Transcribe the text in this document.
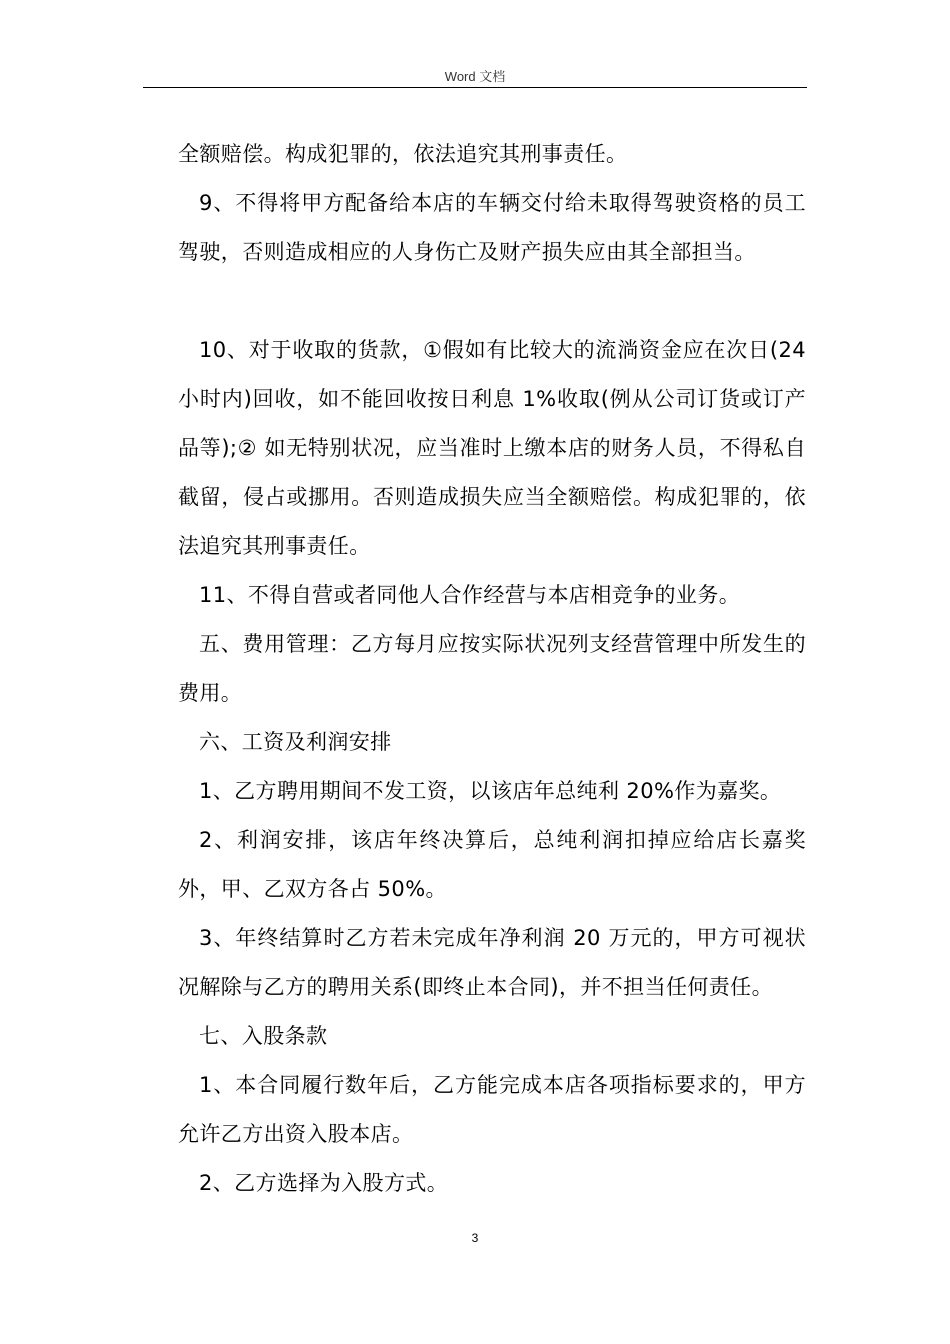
Word 文档

全额赔偿。构成犯罪的，依法追究其刑事责任。

9、不得将甲方配备给本店的车辆交付给未取得驾驶资格的员工驾驶，否则造成相应的人身伤亡及财产损失应由其全部担当。

10、对于收取的货款，①假如有比较大的流淌资金应在次日(24 小时内)回收，如不能回收按日利息 1%收取(例从公司订货或订产品等);② 如无特别状况，应当准时上缴本店的财务人员，不得私自截留，侵占或挪用。否则造成损失应当全额赔偿。构成犯罪的，依法追究其刑事责任。

11、不得自营或者同他人合作经营与本店相竞争的业务。

五、费用管理：乙方每月应按实际状况列支经营管理中所发生的费用。

六、工资及利润安排

1、乙方聘用期间不发工资，以该店年总纯利 20%作为嘉奖。

2、利润安排，该店年终决算后，总纯利润扣掉应给店长嘉奖外，甲、乙双方各占 50%。

3、年终结算时乙方若未完成年净利润 20 万元的，甲方可视状况解除与乙方的聘用关系(即终止本合同)，并不担当任何责任。

七、入股条款

1、本合同履行数年后，乙方能完成本店各项指标要求的，甲方允许乙方出资入股本店。

2、乙方选择为入股方式。

3
